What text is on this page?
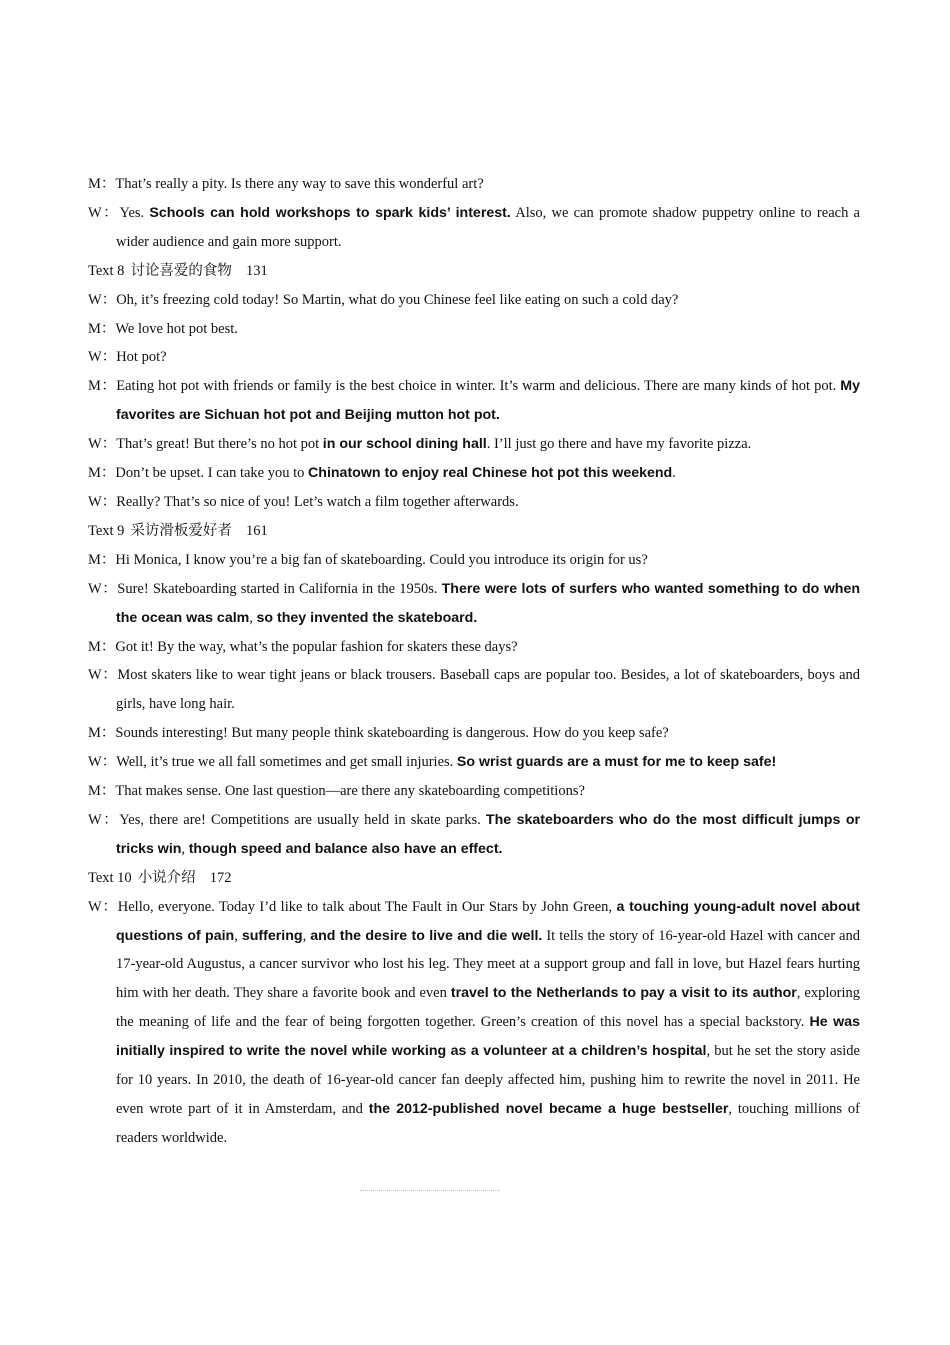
M：That’s really a pity. Is there any way to save this wonderful art?

W：Yes. Schools can hold workshops to spark kids’ interest. Also, we can promote shadow puppetry online to reach a wider audience and gain more support.

Text 8 讨论喜爱的食物 131

W：Oh, it’s freezing cold today! So Martin, what do you Chinese feel like eating on such a cold day?

M：We love hot pot best.

W：Hot pot?

M：Eating hot pot with friends or family is the best choice in winter. It’s warm and delicious. There are many kinds of hot pot. My favorites are Sichuan hot pot and Beijing mutton hot pot.

W：That’s great! But there’s no hot pot in our school dining hall. I’ll just go there and have my favorite pizza.

M：Don’t be upset. I can take you to Chinatown to enjoy real Chinese hot pot this weekend.

W：Really? That’s so nice of you! Let’s watch a film together afterwards.

Text 9 采访滑板爱好者 161

M：Hi Monica, I know you’re a big fan of skateboarding. Could you introduce its origin for us?

W：Sure! Skateboarding started in California in the 1950s. There were lots of surfers who wanted something to do when the ocean was calm, so they invented the skateboard.

M：Got it! By the way, what’s the popular fashion for skaters these days?

W：Most skaters like to wear tight jeans or black trousers. Baseball caps are popular too. Besides, a lot of skateboarders, boys and girls, have long hair.

M：Sounds interesting! But many people think skateboarding is dangerous. How do you keep safe?

W：Well, it’s true we all fall sometimes and get small injuries. So wrist guards are a must for me to keep safe!

M：That makes sense. One last question—are there any skateboarding competitions?

W：Yes, there are! Competitions are usually held in skate parks. The skateboarders who do the most difficult jumps or tricks win, though speed and balance also have an effect.

Text 10 小说介绍 172

W：Hello, everyone. Today I’d like to talk about The Fault in Our Stars by John Green, a touching young-adult novel about questions of pain, suffering, and the desire to live and die well. It tells the story of 16-year-old Hazel with cancer and 17-year-old Augustus, a cancer survivor who lost his leg. They meet at a support group and fall in love, but Hazel fears hurting him with her death. They share a favorite book and even travel to the Netherlands to pay a visit to its author, exploring the meaning of life and the fear of being forgotten together. Green’s creation of this novel has a special backstory. He was initially inspired to write the novel while working as a volunteer at a children’s hospital, but he set the story aside for 10 years. In 2010, the death of 16-year-old cancer fan deeply affected him, pushing him to rewrite the novel in 2011. He even wrote part of it in Amsterdam, and the 2012-published novel became a huge bestseller, touching millions of readers worldwide.
